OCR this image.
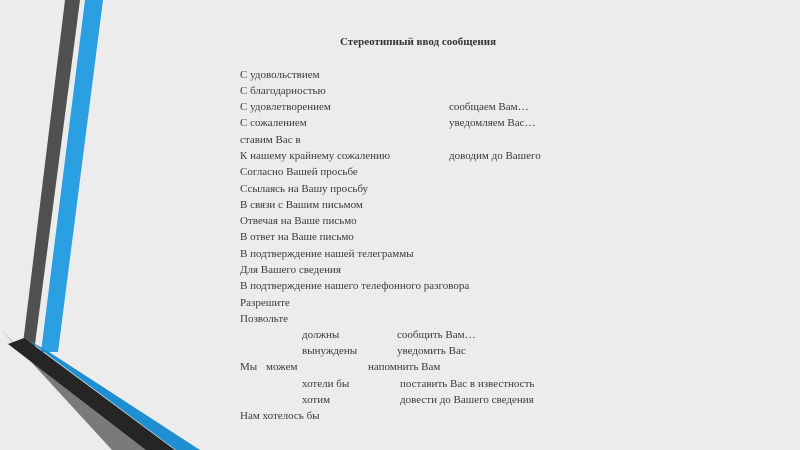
Стереотипный ввод сообщения
С удовольствием
С благодарностью
С удовлетворением	сообщаем Вам…
С сожалением	уведомляем Вас…
ставим Вас в
К нашему крайнему сожалению	доводим до Вашего
Согласно Вашей просьбе
Ссылаясь на Вашу просьбу
В связи с Вашим письмом
Отвечая на Ваше письмо
В ответ на Ваше письмо
В подтверждение нашей телеграммы
Для Вашего сведения
В подтверждение нашего телефонного разговора
Разрешите
Позвольте
должны	сообщить Вам…
вынуждены	уведомить Вас
Мы можем	напомнить Вам
хотели бы	поставить Вас в известность
хотим	довести до Вашего сведения
Нам хотелось бы
